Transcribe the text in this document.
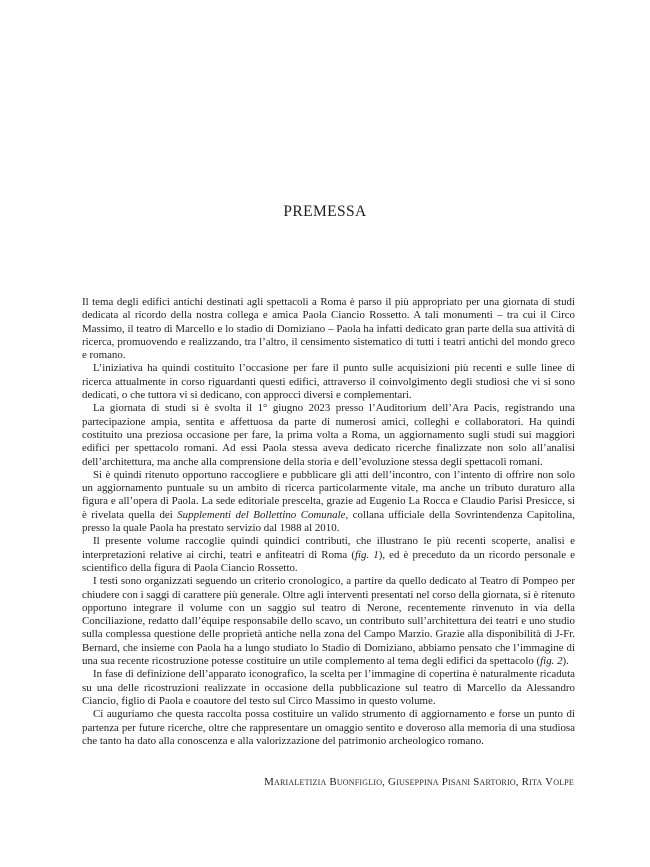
PREMESSA

Il tema degli edifici antichi destinati agli spettacoli a Roma è parso il più appropriato per una giornata di studi dedicata al ricordo della nostra collega e amica Paola Ciancio Rossetto. A tali monumenti – tra cui il Circo Massimo, il teatro di Marcello e lo stadio di Domiziano – Paola ha infatti dedicato gran parte della sua attività di ricerca, promuovendo e realizzando, tra l’altro, il censimento sistematico di tutti i teatri antichi del mondo greco e romano.

L’iniziativa ha quindi costituito l’occasione per fare il punto sulle acquisizioni più recenti e sulle linee di ricerca attualmente in corso riguardanti questi edifici, attraverso il coinvolgimento degli studiosi che vi si sono dedicati, o che tuttora vi si dedicano, con approcci diversi e complementari.

La giornata di studi si è svolta il 1° giugno 2023 presso l’Auditorium dell’Ara Pacis, registrando una partecipazione ampia, sentita e affettuosa da parte di numerosi amici, colleghi e collaboratori. Ha quindi costituito una preziosa occasione per fare, la prima volta a Roma, un aggiornamento sugli studi sui maggiori edifici per spettacolo romani. Ad essi Paola stessa aveva dedicato ricerche finalizzate non solo all’analisi dell’architettura, ma anche alla comprensione della storia e dell’evoluzione stessa degli spettacoli romani.

Si è quindi ritenuto opportuno raccogliere e pubblicare gli atti dell’incontro, con l’intento di offrire non solo un aggiornamento puntuale su un ambito di ricerca particolarmente vitale, ma anche un tributo duraturo alla figura e all’opera di Paola. La sede editoriale prescelta, grazie ad Eugenio La Rocca e Claudio Parisi Presicce, si è rivelata quella dei Supplementi del Bollettino Comunale, collana ufficiale della Sovrintendenza Capitolina, presso la quale Paola ha prestato servizio dal 1988 al 2010.

Il presente volume raccoglie quindi quindici contributi, che illustrano le più recenti scoperte, analisi e interpretazioni relative ai circhi, teatri e anfiteatri di Roma (fig. 1), ed è preceduto da un ricordo personale e scientifico della figura di Paola Ciancio Rossetto.

I testi sono organizzati seguendo un criterio cronologico, a partire da quello dedicato al Teatro di Pompeo per chiudere con i saggi di carattere più generale. Oltre agli interventi presentati nel corso della giornata, si è ritenuto opportuno integrare il volume con un saggio sul teatro di Nerone, recentemente rinvenuto in via della Conciliazione, redatto dall’équipe responsabile dello scavo, un contributo sull’architettura dei teatri e uno studio sulla complessa questione delle proprietà antiche nella zona del Campo Marzio. Grazie alla disponibilità di J-Fr. Bernard, che insieme con Paola ha a lungo studiato lo Stadio di Domiziano, abbiamo pensato che l’immagine di una sua recente ricostruzione potesse costituire un utile complemento al tema degli edifici da spettacolo (fig. 2).

In fase di definizione dell’apparato iconografico, la scelta per l’immagine di copertina è naturalmente ricaduta su una delle ricostruzioni realizzate in occasione della pubblicazione sul teatro di Marcello da Alessandro Ciancio, figlio di Paola e coautore del testo sul Circo Massimo in questo volume.

Ci auguriamo che questa raccolta possa costituire un valido strumento di aggiornamento e forse un punto di partenza per future ricerche, oltre che rappresentare un omaggio sentito e doveroso alla memoria di una studiosa che tanto ha dato alla conoscenza e alla valorizzazione del patrimonio archeologico romano.

Marialetizia Buonfiglio, Giuseppina Pisani Sartorio, Rita Volpe
